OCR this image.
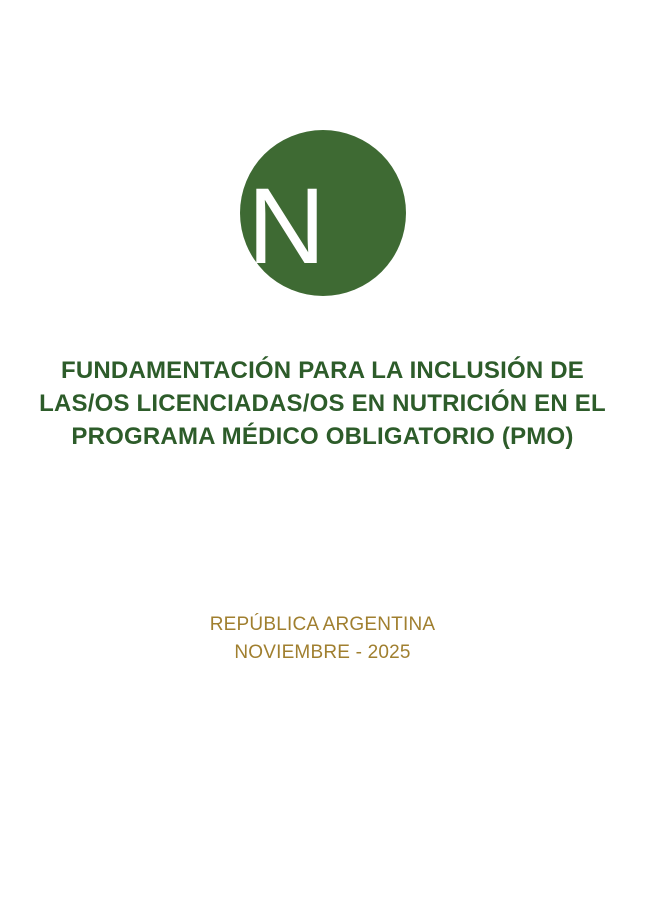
N
FUNDAMENTACIÓN PARA LA INCLUSIÓN DE
LAS/OS LICENCIADAS/OS EN NUTRICIÓN EN EL
PROGRAMA MÉDICO OBLIGATORIO (PMO)
REPÚBLICA ARGENTINA
NOVIEMBRE - 2025
